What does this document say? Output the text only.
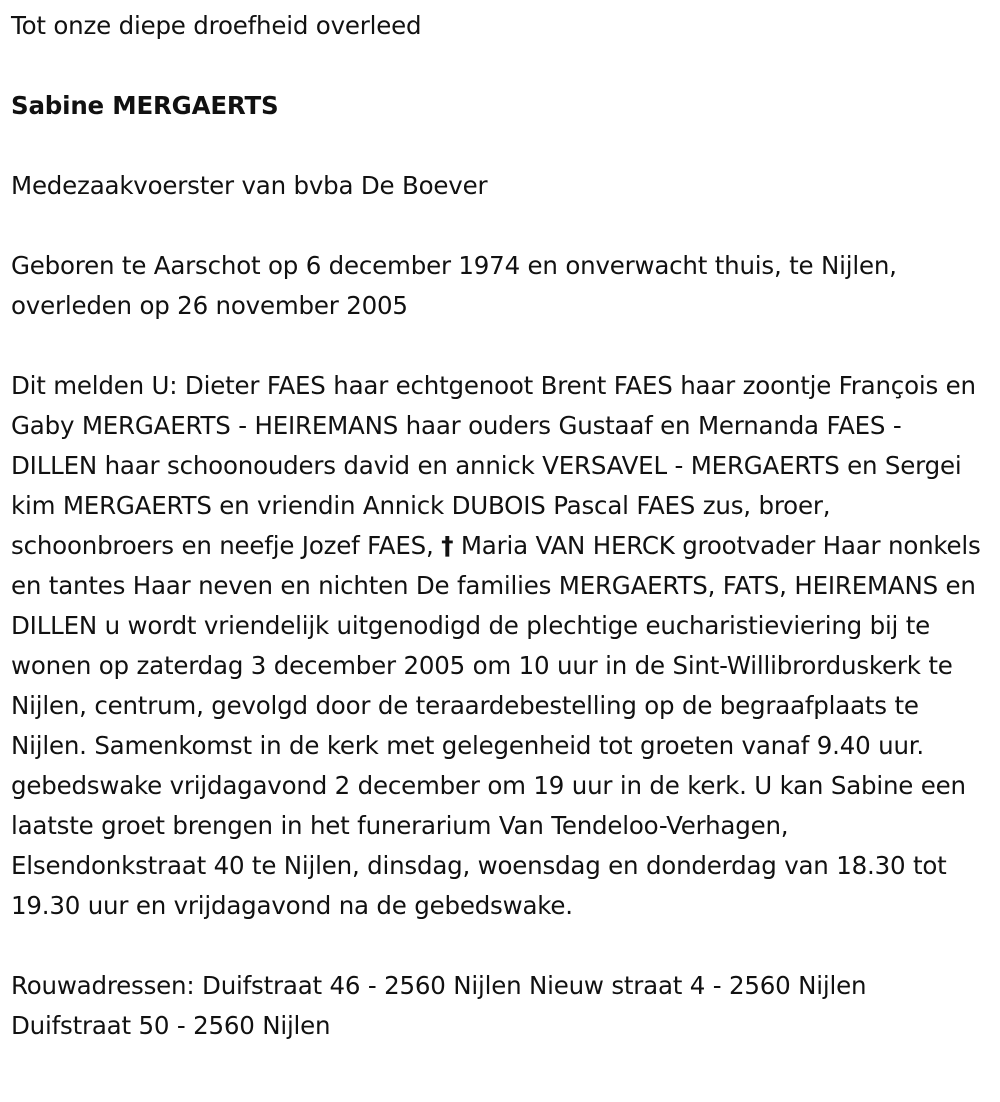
Tot onze diepe droefheid overleed

Sabine MERGAERTS

Medezaakvoerster van bvba De Boever

Geboren te Aarschot op 6 december 1974 en onverwacht thuis, te Nijlen, overleden op 26 november 2005

Dit melden U: Dieter FAES haar echtgenoot Brent FAES haar zoontje François en Gaby MERGAERTS - HEIREMANS haar ouders Gustaaf en Mernanda FAES - DILLEN haar schoonouders david en annick VERSAVEL - MERGAERTS en Sergei kim MERGAERTS en vriendin Annick DUBOIS Pascal FAES zus, broer, schoonbroers en neefje Jozef FAES, † Maria VAN HERCK grootvader Haar nonkels en tantes Haar neven en nichten De families MERGAERTS, FATS, HEIREMANS en DILLEN u wordt vriendelijk uitgenodigd de plechtige eucharistieviering bij te wonen op zaterdag 3 december 2005 om 10 uur in de Sint-Willibrorduskerk te Nijlen, centrum, gevolgd door de teraardebestelling op de begraafplaats te Nijlen. Samenkomst in de kerk met gelegenheid tot groeten vanaf 9.40 uur. gebedswake vrijdagavond 2 december om 19 uur in de kerk. U kan Sabine een laatste groet brengen in het funerarium Van Tendeloo-Verhagen, Elsendonkstraat 40 te Nijlen, dinsdag, woensdag en donderdag van 18.30 tot 19.30 uur en vrijdagavond na de gebedswake.

Rouwadressen: Duifstraat 46 - 2560 Nijlen Nieuw straat 4 - 2560 Nijlen Duifstraat 50 - 2560 Nijlen
